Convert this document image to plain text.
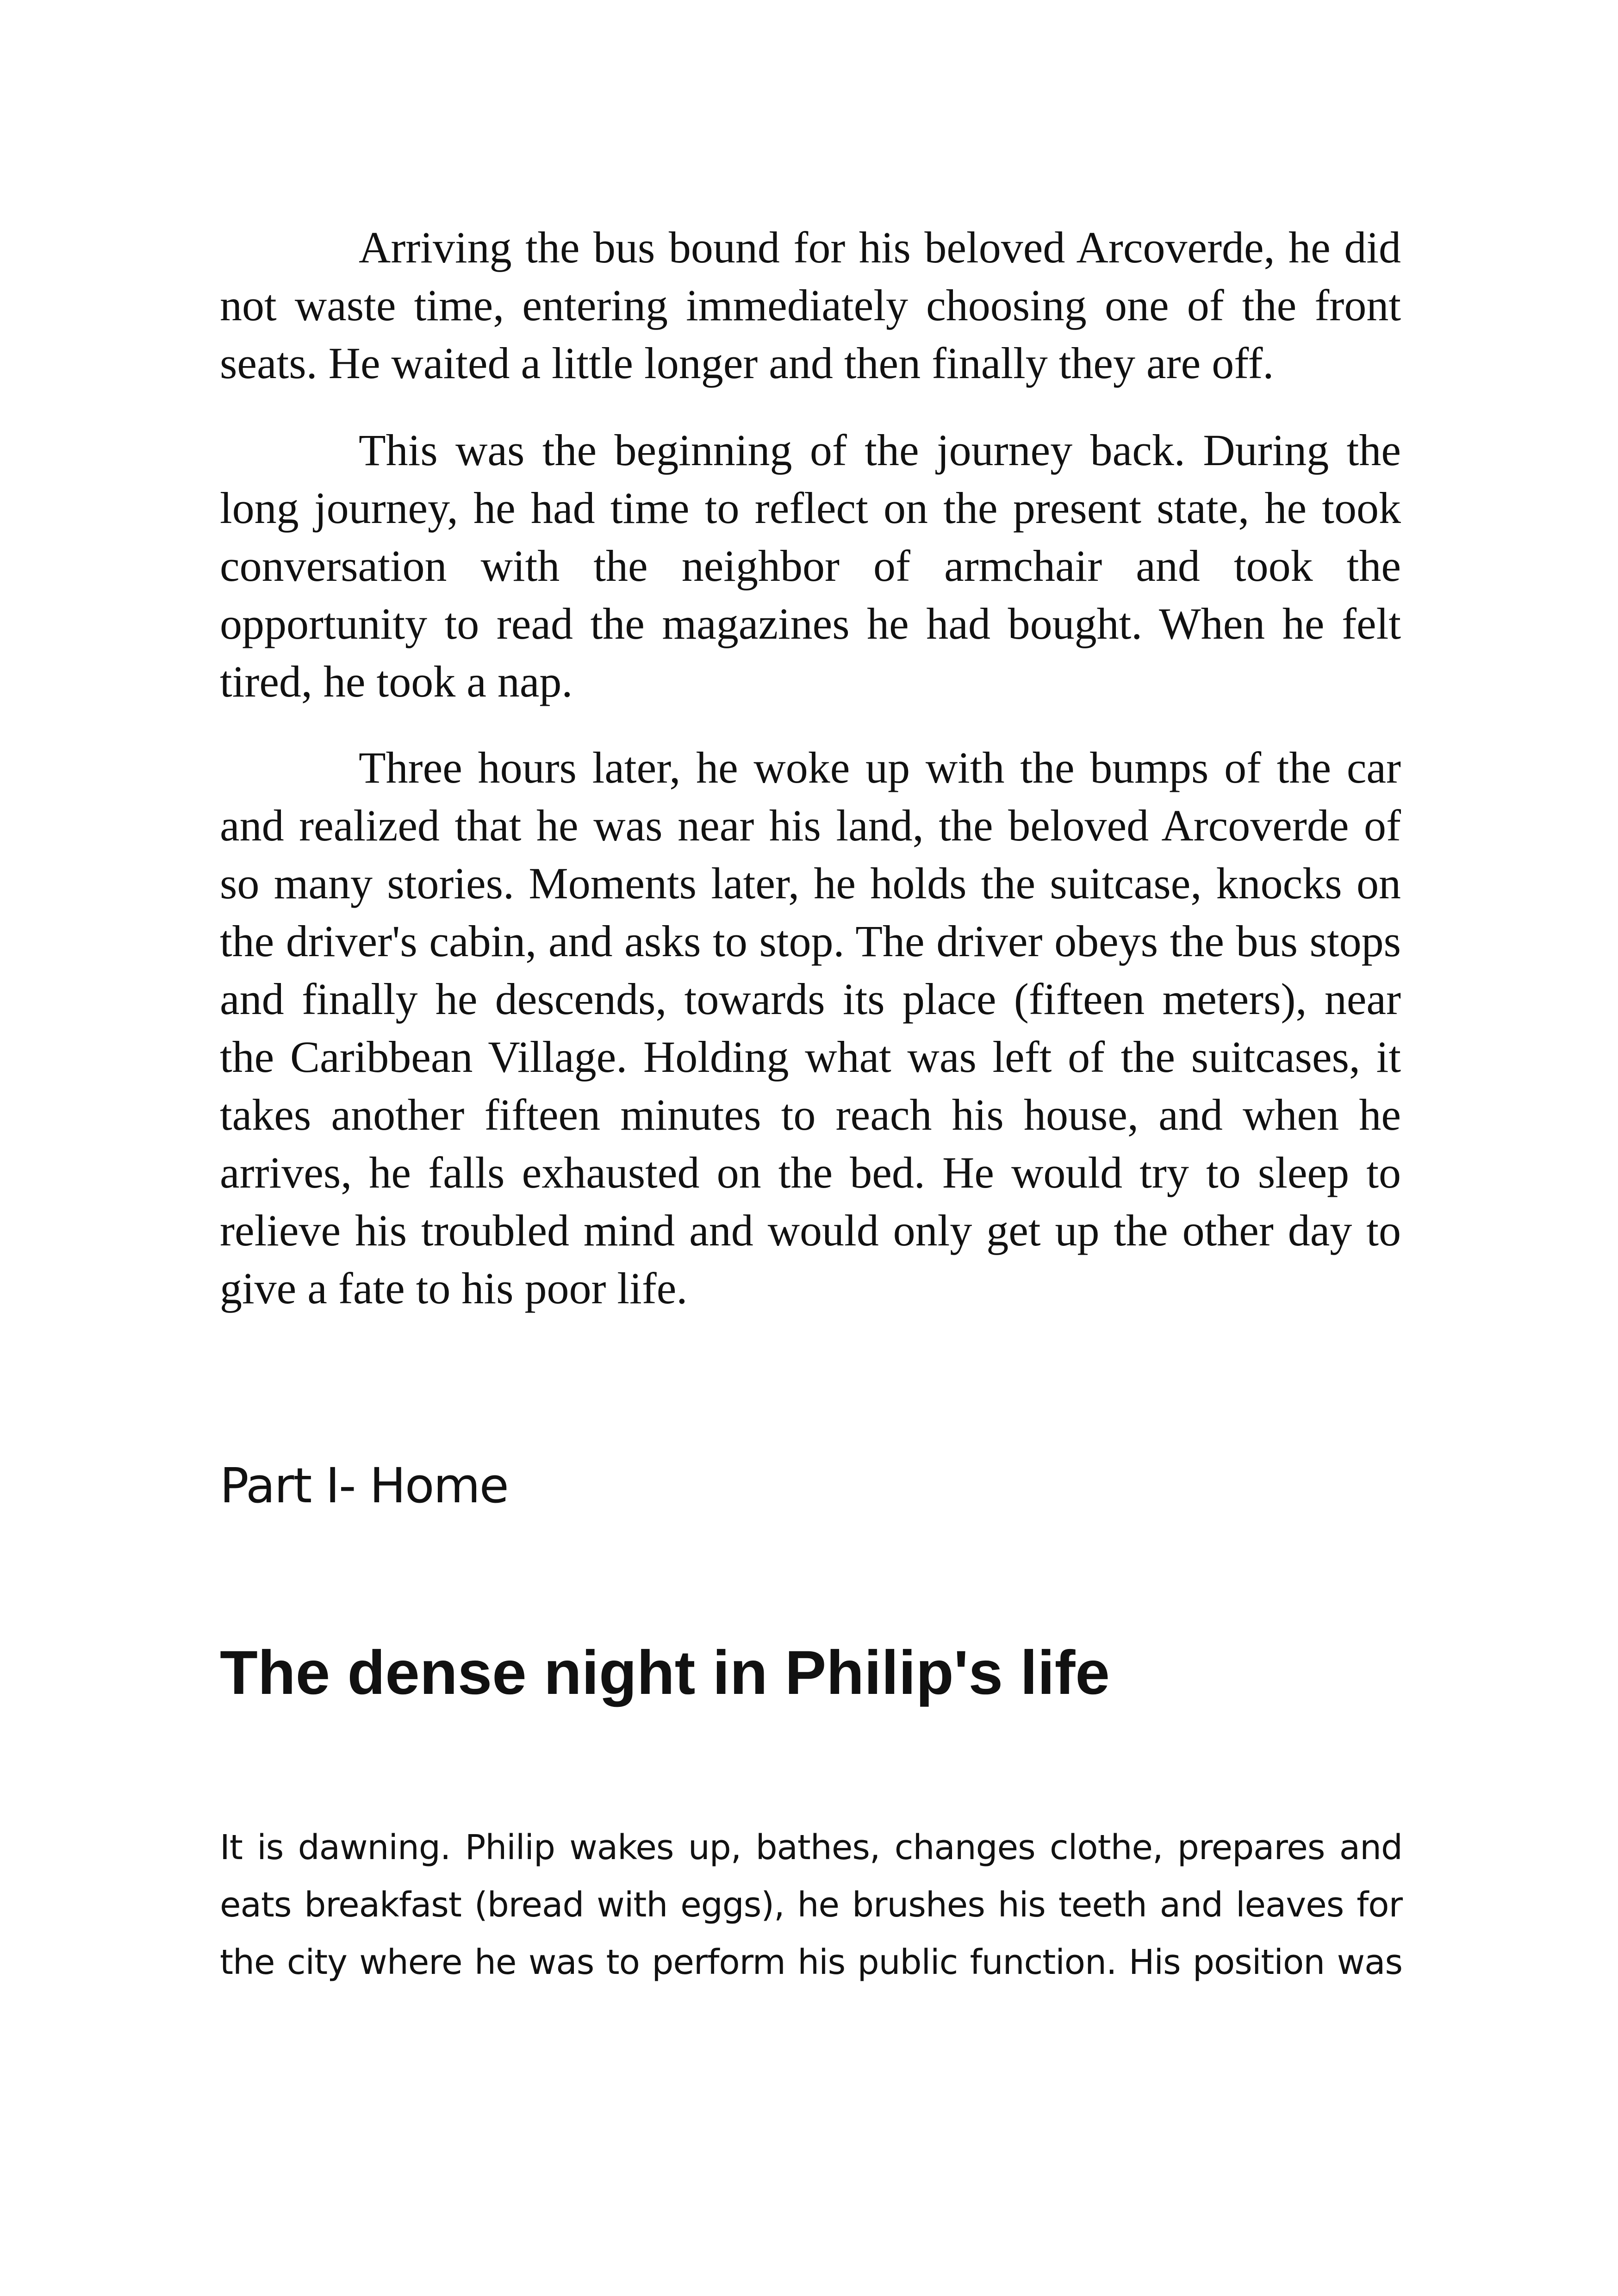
Arriving the bus bound for his beloved Arcoverde, he did not waste time, entering immediately choosing one of the front seats. He waited a little longer and then finally they are off.

This was the beginning of the journey back. During the long journey, he had time to reflect on the present state, he took conversation with the neighbor of armchair and took the opportunity to read the magazines he had bought. When he felt tired, he took a nap.

Three hours later, he woke up with the bumps of the car and realized that he was near his land, the beloved Arcoverde of so many stories. Moments later, he holds the suitcase, knocks on the driver's cabin, and asks to stop. The driver obeys the bus stops and finally he descends, towards its place (fifteen meters), near the Caribbean Village. Holding what was left of the suitcases, it takes another fifteen minutes to reach his house, and when he arrives, he falls exhausted on the bed. He would try to sleep to relieve his troubled mind and would only get up the other day to give a fate to his poor life.

Part I- Home
The dense night in Philip's life

It is dawning. Philip wakes up, bathes, changes clothe, prepares and
eats breakfast (bread with eggs), he brushes his teeth and leaves for
the city where he was to perform his public function. His position was
